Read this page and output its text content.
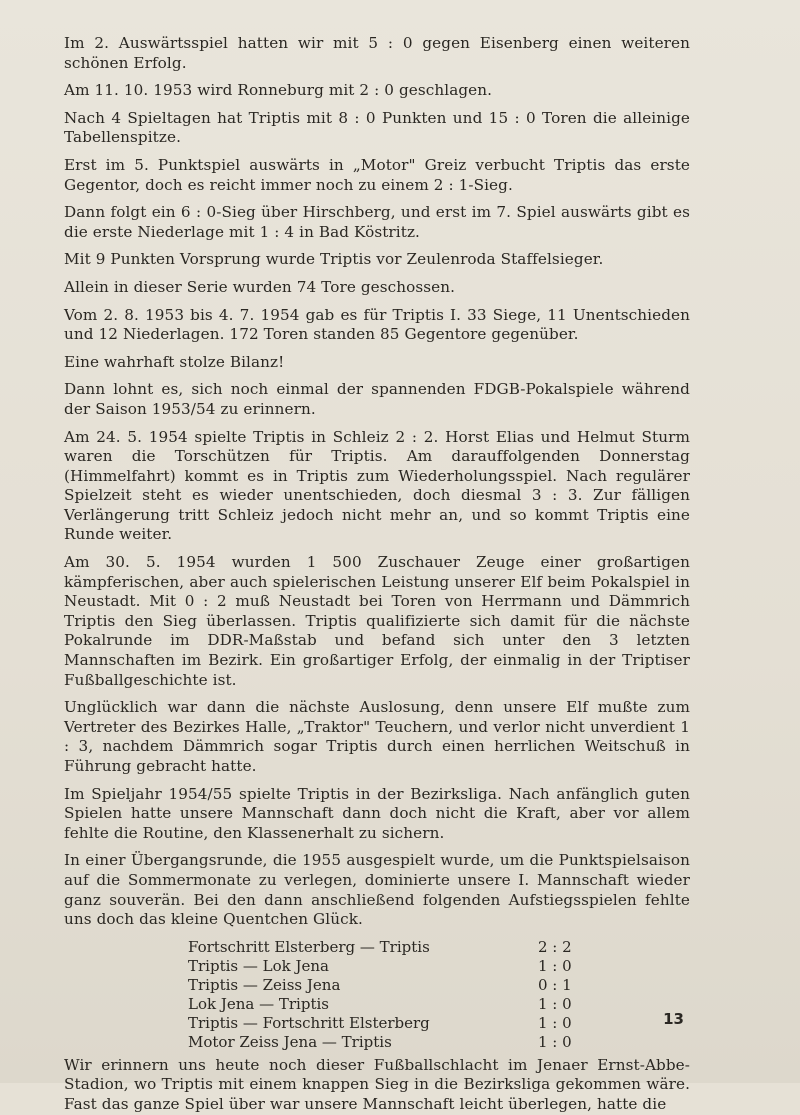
Im 2. Auswärtsspiel hatten wir mit 5 : 0 gegen Eisenberg einen weiteren schönen Erfolg.

Am 11. 10. 1953 wird Ronneburg mit 2 : 0 geschlagen.

Nach 4 Spieltagen hat Triptis mit 8 : 0 Punkten und 15 : 0 Toren die alleinige Tabellenspitze.

Erst im 5. Punktspiel auswärts in „Motor" Greiz verbucht Triptis das erste Gegentor, doch es reicht immer noch zu einem 2 : 1-Sieg.

Dann folgt ein 6 : 0-Sieg über Hirschberg, und erst im 7. Spiel auswärts gibt es die erste Niederlage mit 1 : 4 in Bad Köstritz.

Mit 9 Punkten Vorsprung wurde Triptis vor Zeulenroda Staffelsieger.

Allein in dieser Serie wurden 74 Tore geschossen.

Vom 2. 8. 1953 bis 4. 7. 1954 gab es für Triptis I. 33 Siege, 11 Unentschieden und 12 Niederlagen. 172 Toren standen 85 Gegentore gegenüber.

Eine wahrhaft stolze Bilanz!

Dann lohnt es, sich noch einmal der spannenden FDGB-Pokalspiele während der Saison 1953/54 zu erinnern.

Am 24. 5. 1954 spielte Triptis in Schleiz 2 : 2. Horst Elias und Helmut Sturm waren die Torschützen für Triptis. Am darauffolgenden Donnerstag (Himmelfahrt) kommt es in Triptis zum Wiederholungsspiel. Nach regulärer Spielzeit steht es wieder unentschieden, doch diesmal 3 : 3. Zur fälligen Verlängerung tritt Schleiz jedoch nicht mehr an, und so kommt Triptis eine Runde weiter.

Am 30. 5. 1954 wurden 1 500 Zuschauer Zeuge einer großartigen kämpferischen, aber auch spielerischen Leistung unserer Elf beim Pokalspiel in Neustadt. Mit 0 : 2 muß Neustadt bei Toren von Herrmann und Dämmrich Triptis den Sieg überlassen. Triptis qualifizierte sich damit für die nächste Pokalrunde im DDR-Maßstab und befand sich unter den 3 letzten Mannschaften im Bezirk. Ein großartiger Erfolg, der einmalig in der Triptiser Fußballgeschichte ist.

Unglücklich war dann die nächste Auslosung, denn unsere Elf mußte zum Vertreter des Bezirkes Halle, „Traktor" Teuchern, und verlor nicht unverdient 1 : 3, nachdem Dämmrich sogar Triptis durch einen herrlichen Weitschuß in Führung gebracht hatte.

Im Spieljahr 1954/55 spielte Triptis in der Bezirksliga. Nach anfänglich guten Spielen hatte unsere Mannschaft dann doch nicht die Kraft, aber vor allem fehlte die Routine, den Klassenerhalt zu sichern.

In einer Übergangsrunde, die 1955 ausgespielt wurde, um die Punktspielsaison auf die Sommermonate zu verlegen, dominierte unsere I. Mannschaft wieder ganz souverän. Bei den dann anschließend folgenden Aufstiegsspielen fehlte uns doch das kleine Quentchen Glück.

Fortschritt Elsterberg — Triptis	2 : 2
Triptis — Lok Jena	1 : 0
Triptis — Zeiss Jena	0 : 1
Lok Jena — Triptis	1 : 0
Triptis — Fortschritt Elsterberg	1 : 0
Motor Zeiss Jena — Triptis	1 : 0

Wir erinnern uns heute noch dieser Fußballschlacht im Jenaer Ernst-Abbe-Stadion, wo Triptis mit einem knappen Sieg in die Bezirksliga gekommen wäre. Fast das ganze Spiel über war unsere Mannschaft leicht überlegen, hatte die

13
